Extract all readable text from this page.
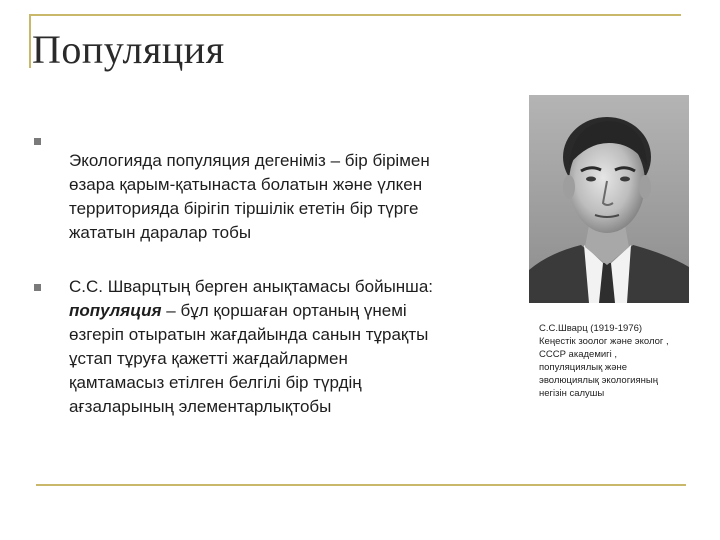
Популяция
Экологияда популяция дегеніміз – бір бірімен
өзара қарым-қатынаста болатын және үлкен
территорияда бірігіп тіршілік ететін бір түрге
жататын даралар тобы
С.С. Шварцтың берген анықтамасы бойынша:
популяция – бұл қоршаған ортаның үнемі
өзгеріп отыратын жағдайында санын тұрақты
ұстап тұруға қажетті жағдайлармен
қамтамасыз етілген белгілі бір түрдің
ағзаларының элементарлықтобы
С.С.Шварц (1919-1976)
Кеңестік зоолог және эколог ,
СССР академигі ,
популяциялық және
эволюциялық экологияның
негізін салушы
